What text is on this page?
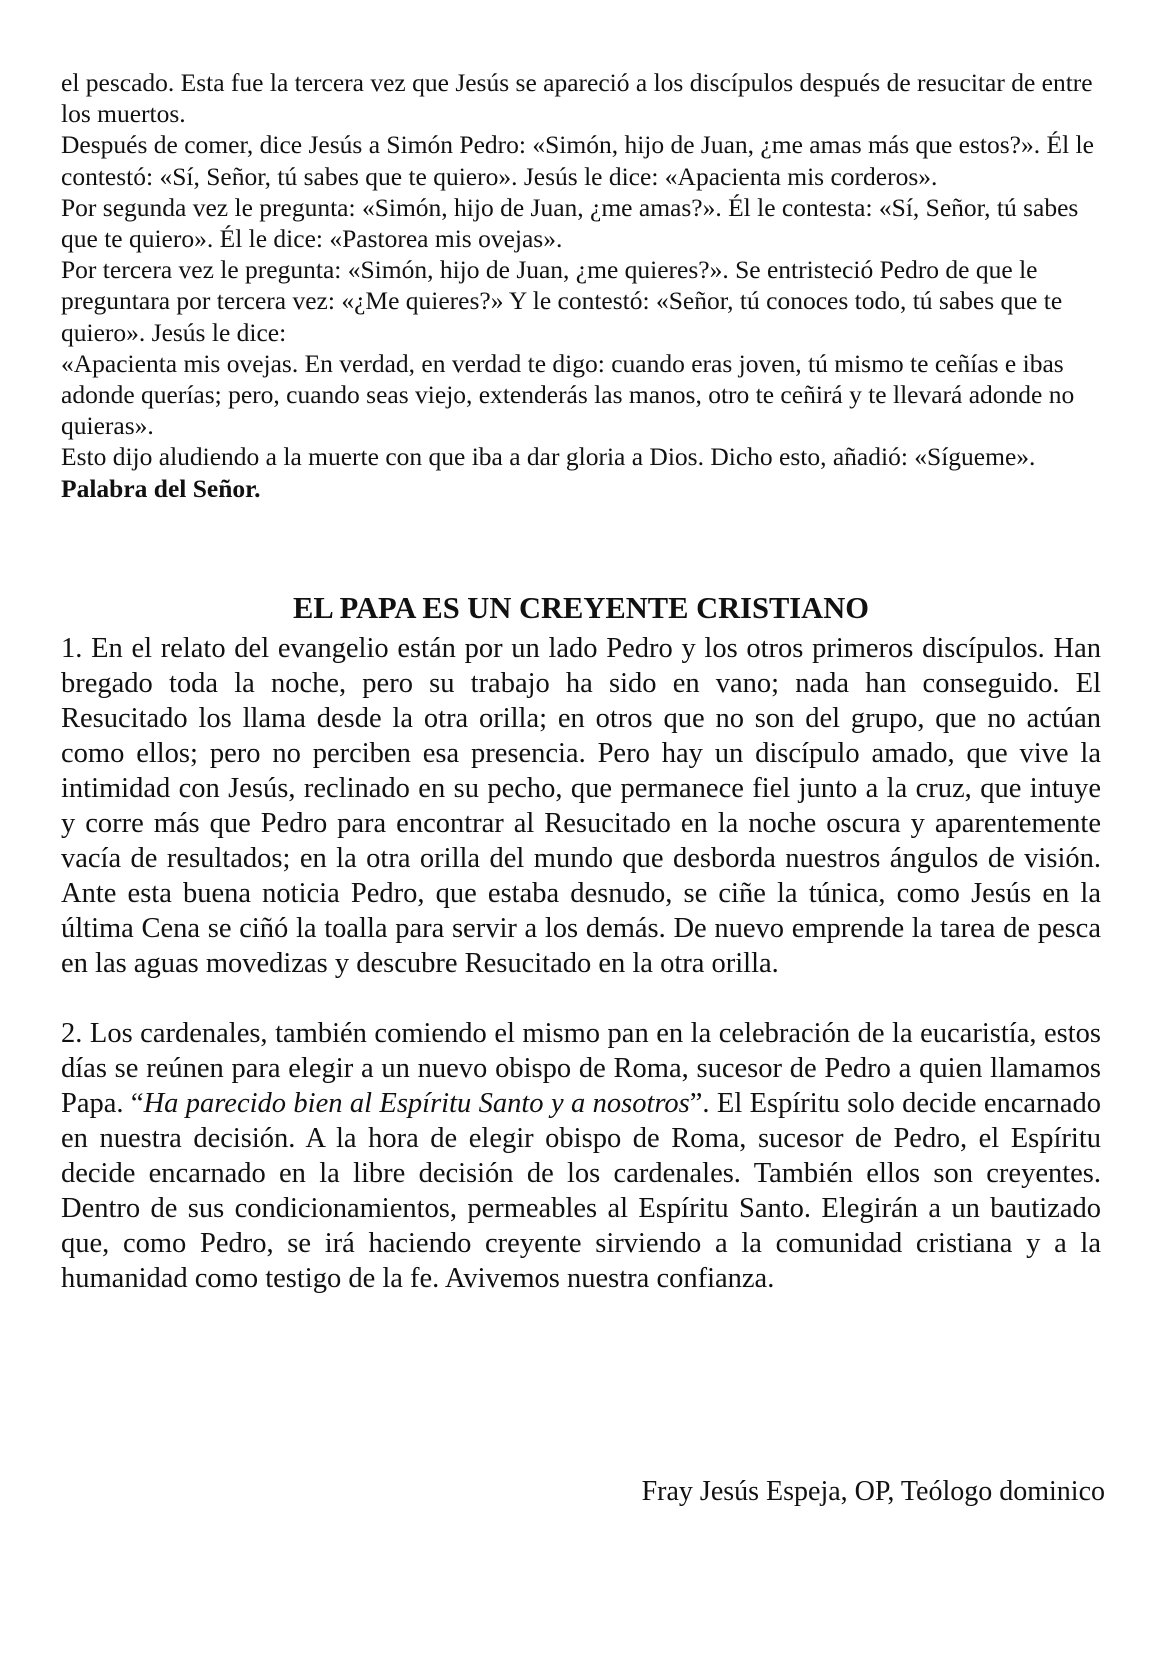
el pescado. Esta fue la tercera vez que Jesús se apareció a los discípulos después de resucitar de entre los muertos.

Después de comer, dice Jesús a Simón Pedro: «Simón, hijo de Juan, ¿me amas más que estos?». Él le contestó: «Sí, Señor, tú sabes que te quiero». Jesús le dice: «Apacienta mis corderos».

Por segunda vez le pregunta: «Simón, hijo de Juan, ¿me amas?». Él le contesta: «Sí, Señor, tú sabes que te quiero». Él le dice: «Pastorea mis ovejas».

Por tercera vez le pregunta: «Simón, hijo de Juan, ¿me quieres?». Se entristeció Pedro de que le preguntara por tercera vez: «¿Me quieres?» Y le contestó: «Señor, tú conoces todo, tú sabes que te quiero». Jesús le dice:

«Apacienta mis ovejas. En verdad, en verdad te digo: cuando eras joven, tú mismo te ceñías e ibas adonde querías; pero, cuando seas viejo, extenderás las manos, otro te ceñirá y te llevará adonde no quieras».

Esto dijo aludiendo a la muerte con que iba a dar gloria a Dios. Dicho esto, añadió: «Sígueme». Palabra del Señor.

EL PAPA ES UN CREYENTE CRISTIANO

1. En el relato del evangelio están por un lado Pedro y los otros primeros discípulos. Han bregado toda la noche, pero su trabajo ha sido en vano; nada han conseguido. El Resucitado los llama desde la otra orilla; en otros que no son del grupo, que no actúan como ellos; pero no perciben esa presencia. Pero hay un discípulo amado, que vive la intimidad con Jesús, reclinado en su pecho, que permanece fiel junto a la cruz, que intuye y corre más que Pedro para encontrar al Resucitado en la noche oscura y aparentemente vacía de resultados; en la otra orilla del mundo que desborda nuestros ángulos de visión. Ante esta buena noticia Pedro, que estaba desnudo, se ciñe la túnica, como Jesús en la última Cena se ciñó la toalla para servir a los demás. De nuevo emprende la tarea de pesca en las aguas movedizas y descubre Resucitado en la otra orilla.

2. Los cardenales, también comiendo el mismo pan en la celebración de la eucaristía, estos días se reúnen para elegir a un nuevo obispo de Roma, sucesor de Pedro a quien llamamos Papa. “Ha parecido bien al Espíritu Santo y a nosotros”. El Espíritu solo decide encarnado en nuestra decisión. A la hora de elegir obispo de Roma, sucesor de Pedro, el Espíritu decide encarnado en la libre decisión de los cardenales. También ellos son creyentes. Dentro de sus condicionamientos, permeables al Espíritu Santo. Elegirán a un bautizado que, como Pedro, se irá haciendo creyente sirviendo a la comunidad cristiana y a la humanidad como testigo de la fe. Avivemos nuestra confianza.

Fray Jesús Espeja, OP, Teólogo dominico
